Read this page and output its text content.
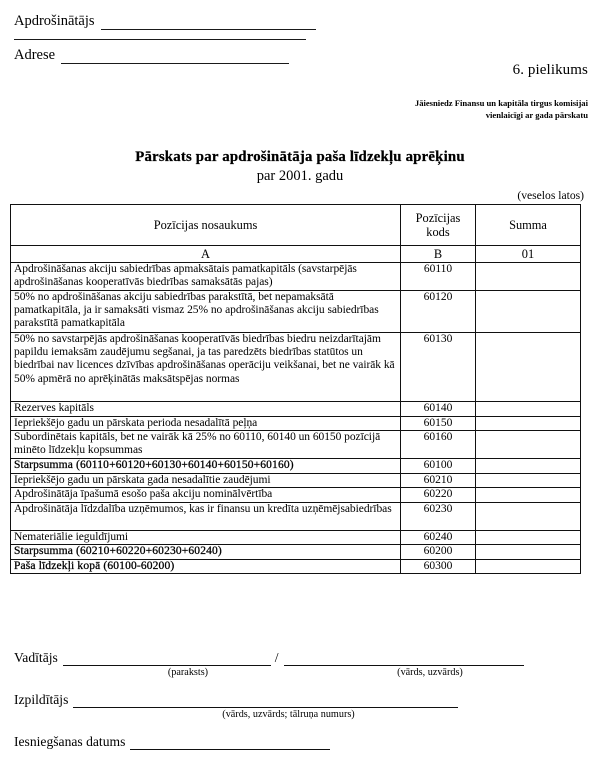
Apdrošinātājs
Adrese
6. pielikums
Jāiesniedz Finansu un kapitāla tirgus komisijai
vienlaicīgi ar gada pārskatu
Pārskats par apdrošinātāja paša līdzekļu aprēķinu
par 2001. gadu
(veselos latos)
Pozīcijas nosaukums	Pozīcijas kods	Summa
A	B	01
Apdrošināšanas akciju sabiedrības apmaksātais pamatkapitāls (savstarpējās apdrošināšanas kooperatīvās biedrības samaksātās pajas)	60110	
50% no apdrošināšanas akciju sabiedrības parakstītā, bet nepamaksātā pamatkapitāla, ja ir samaksāti vismaz 25% no apdrošināšanas akciju sabiedrības parakstītā pamatkapitāla	60120	
50% no savstarpējās apdrošināšanas kooperatīvās biedrības biedru neizdarītajām papildu iemaksām zaudējumu segšanai, ja tas paredzēts biedrības statūtos un biedrībai nav licences dzīvības apdrošināšanas operāciju veikšanai, bet ne vairāk kā 50% apmērā no aprēķinātās maksātspējas normas	60130	
Rezerves kapitāls	60140	
Iepriekšējo gadu un pārskata perioda nesadalītā peļņa	60150	
Subordinētais kapitāls, bet ne vairāk kā 25% no 60110, 60140 un 60150 pozīcijā minēto līdzekļu kopsummas	60160	
Starpsumma (60110+60120+60130+60140+60150+60160)	60100	
Iepriekšējo gadu un pārskata gada nesadalītie zaudējumi	60210	
Apdrošinātāja īpašumā esošo paša akciju nominālvērtība	60220	
Apdrošinātāja līdzdalība uzņēmumos, kas ir finansu un kredīta uzņēmējsabiedrības	60230	
Nemateriālie ieguldījumi	60240	
Starpsumma (60210+60220+60230+60240)	60200	
Paša līdzekļi kopā (60100-60200)	60300	
Vadītājs	/
(paraksts)	(vārds, uzvārds)
Izpildītājs
(vārds, uzvārds; tālruņa numurs)
Iesniegšanas datums
